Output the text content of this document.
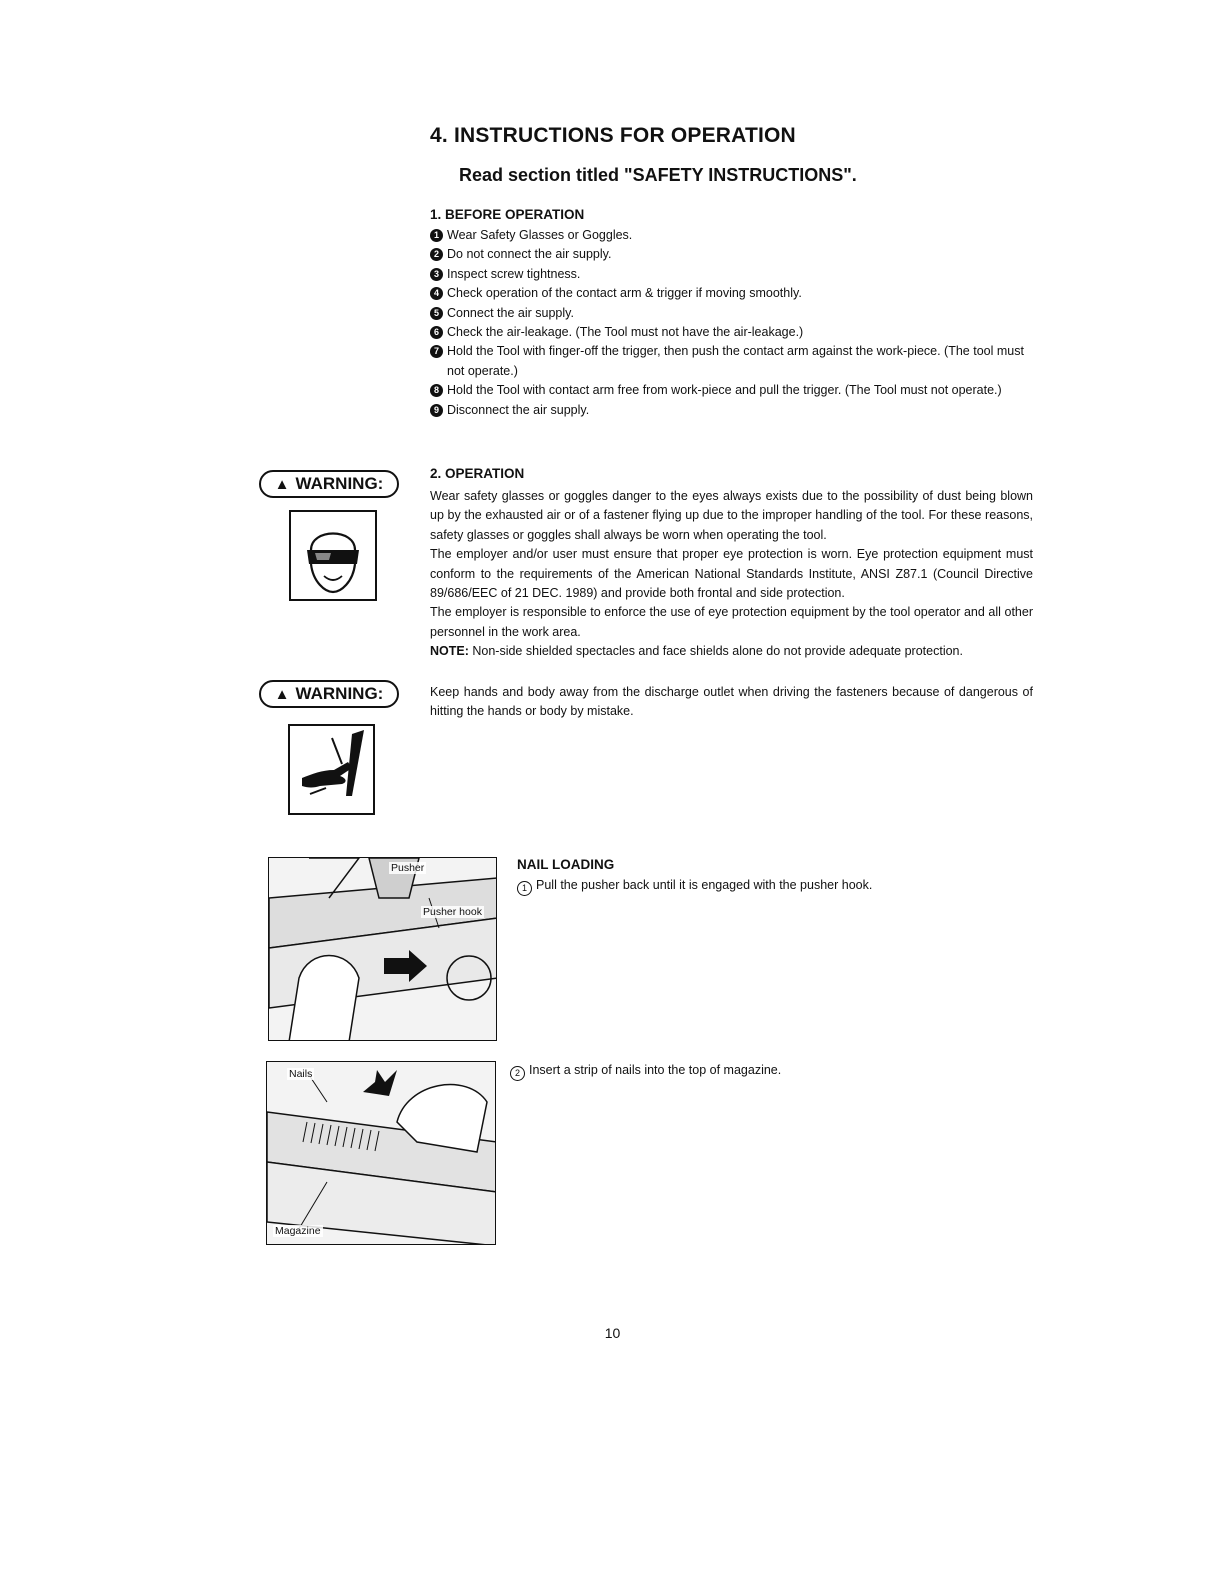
4. INSTRUCTIONS FOR OPERATION
Read section titled "SAFETY INSTRUCTIONS".
1. BEFORE OPERATION
1 Wear Safety Glasses or Goggles.
2 Do not connect the air supply.
3 Inspect screw tightness.
4 Check operation of the contact arm & trigger if moving smoothly.
5 Connect the air supply.
6 Check the air-leakage. (The Tool must not have the air-leakage.)
7 Hold the Tool with finger-off the trigger, then push the contact arm against the work-piece. (The tool must not operate.)
8 Hold the Tool with contact arm free from work-piece and pull the trigger. (The Tool must not operate.)
9 Disconnect the air supply.
▲ WARNING:
2. OPERATION
Wear safety glasses or goggles danger to the eyes always exists due to the possibility of dust being blown up by the exhausted air or of a fastener flying up due to the improper handling of the tool. For these reasons, safety glasses or goggles shall always be worn when operating the tool.
The employer and/or user must ensure that proper eye protection is worn. Eye protection equipment must conform to the requirements of the American National Standards Institute, ANSI Z87.1 (Council Directive 89/686/EEC of 21 DEC. 1989) and provide both frontal and side protection.
The employer is responsible to enforce the use of eye protection equipment by the tool operator and all other personnel in the work area.
NOTE: Non-side shielded spectacles and face shields alone do not provide adequate protection.
▲ WARNING:	Keep hands and body away from the discharge outlet when driving the fasteners because of dangerous of hitting the hands or body by mistake.
Pusher
Pusher hook
NAIL LOADING
1 Pull the pusher back until it is engaged with the pusher hook.
Nails
Magazine
2 Insert a strip of nails into the top of magazine.
10
